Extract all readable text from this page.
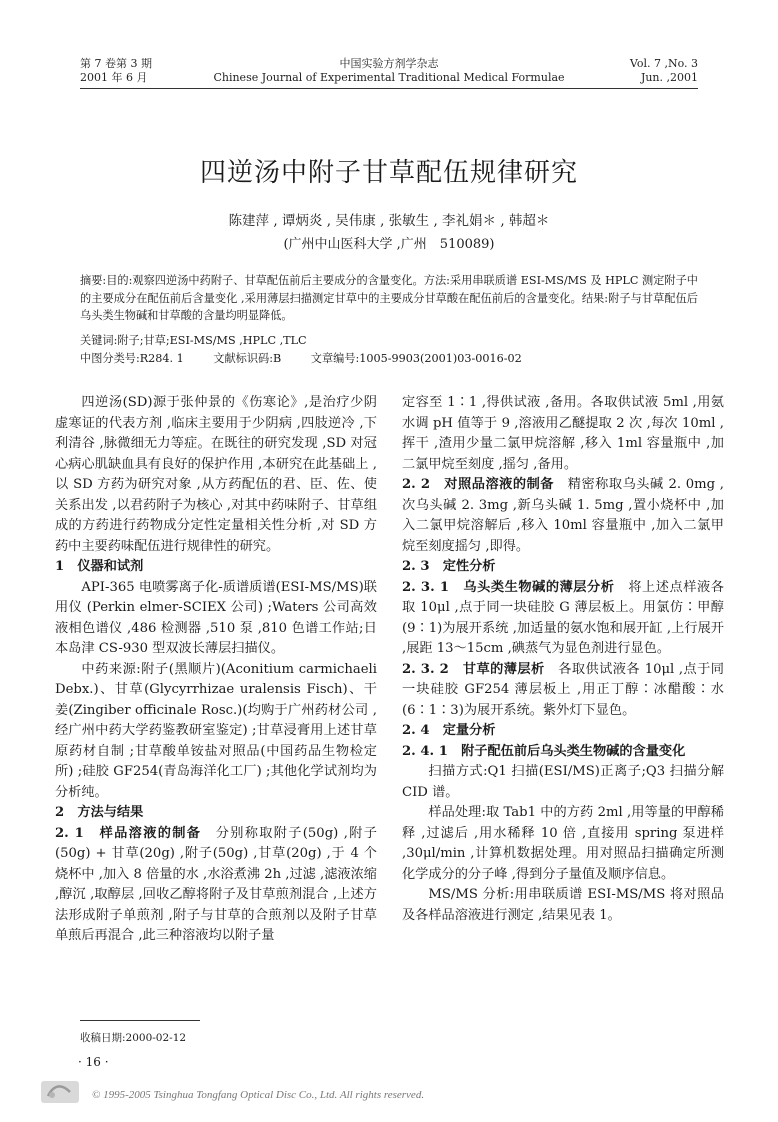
第 7 卷第 3 期
2001 年 6 月
中国实验方剂学杂志
Chinese Journal of Experimental Traditional Medical Formulae
Vol. 7 ,No. 3
Jun. ,2001
四逆汤中附子甘草配伍规律研究
陈建萍 , 谭炳炎 , 吴伟康 , 张敏生 , 李礼娟＊ , 韩超＊
(广州中山医科大学 ,广州　510089)

摘要:目的:观察四逆汤中药附子、甘草配伍前后主要成分的含量变化。方法:采用串联质谱 ESI-MS/MS 及 HPLC 测定附子中的主要成分在配伍前后含量变化 ,采用薄层扫描测定甘草中的主要成分甘草酸在配伍前后的含量变化。结果:附子与甘草配伍后乌头类生物碱和甘草酸的含量均明显降低。

关键词:附子;甘草;ESI-MS/MS ,HPLC ,TLC
中图分类号:R284. 1	文献标识码:B	文章编号:1005-9903(2001)03-0016-02

四逆汤(SD)源于张仲景的《伤寒论》,是治疗少阴虚寒证的代表方剂 ,临床主要用于少阴病 ,四肢逆冷 ,下利清谷 ,脉微细无力等症。在既往的研究发现 ,SD 对冠心病心肌缺血具有良好的保护作用 ,本研究在此基础上 ,以 SD 方药为研究对象 ,从方药配伍的君、臣、佐、使关系出发 ,以君药附子为核心 ,对其中药味附子、甘草组成的方药进行药物成分定性定量相关性分析 ,对 SD 方药中主要药味配伍进行规律性的研究。

1　仪器和试剂

API-365 电喷雾离子化-质谱质谱(ESI-MS/MS)联用仪 (Perkin elmer-SCIEX 公司) ;Waters 公司高效液相色谱仪 ,486 检测器 ,510 泵 ,810 色谱工作站;日本岛津 CS-930 型双波长薄层扫描仪。

中药来源:附子(黑顺片)(Aconitium carmichaeli Debx.)、甘草(Glycyrrhizae uralensis Fisch)、干姜(Zingiber officinale Rosc.)(均购于广州药材公司 ,经广州中药大学药鉴教研室鉴定) ;甘草浸膏用上述甘草原药材自制 ;甘草酸单铵盐对照品(中国药品生物检定所) ;硅胶 GF254(青岛海洋化工厂) ;其他化学试剂均为分析纯。

2　方法与结果

2. 1　样品溶液的制备　 分别称取附子(50g) ,附子(50g) + 甘草(20g) ,附子(50g) ,甘草(20g) ,于 4 个烧杯中 ,加入 8 倍量的水 ,水浴煮沸 2h ,过滤 ,滤液浓缩 ,醇沉 ,取醇层 ,回收乙醇将附子及甘草煎剂混合 ,上述方法形成附子单煎剂 ,附子与甘草的合煎剂以及附子甘草单煎后再混合 ,此三种溶液均以附子量

定容至 1∶1 ,得供试液 ,备用。各取供试液 5ml ,用氨水调 pH 值等于 9 ,溶液用乙醚提取 2 次 ,每次 10ml ,挥干 ,渣用少量二氯甲烷溶解 ,移入 1ml 容量瓶中 ,加二氯甲烷至刻度 ,摇匀 ,备用。

2. 2　对照品溶液的制备　 精密称取乌头碱 2. 0mg ,次乌头碱 2. 3mg ,新乌头碱 1. 5mg ,置小烧杯中 ,加入二氯甲烷溶解后 ,移入 10ml 容量瓶中 ,加入二氯甲烷至刻度摇匀 ,即得。

2. 3　定性分析

2. 3. 1　乌头类生物碱的薄层分析　 将上述点样液各取 10μl ,点于同一块硅胶 G 薄层板上。用氯仿∶甲醇(9∶1)为展开系统 ,加适量的氨水饱和展开缸 ,上行展开 ,展距 13～15cm ,碘蒸气为显色剂进行显色。

2. 3. 2　甘草的薄层析　 各取供试液各 10μl ,点于同一块硅胶 GF254 薄层板上 ,用正丁醇∶冰醋酸∶水(6∶1∶3)为展开系统。紫外灯下显色。

2. 4　定量分析

2. 4. 1　附子配伍前后乌头类生物碱的含量变化

扫描方式:Q1 扫描(ESI/MS)正离子;Q3 扫描分解 CID 谱。

样品处理:取 Tab1 中的方药 2ml ,用等量的甲醇稀释 ,过滤后 ,用水稀释 10 倍 ,直接用 spring 泵进样 ,30μl/min ,计算机数据处理。用对照品扫描确定所测化学成分的分子峰 ,得到分子量值及顺序信息。

MS/MS 分析:用串联质谱 ESI-MS/MS 将对照品及各样品溶液进行测定 ,结果见表 1。

收稿日期:2000-02-12
· 16 ·
© 1995-2005 Tsinghua Tongfang Optical Disc Co., Ltd. All rights reserved.
